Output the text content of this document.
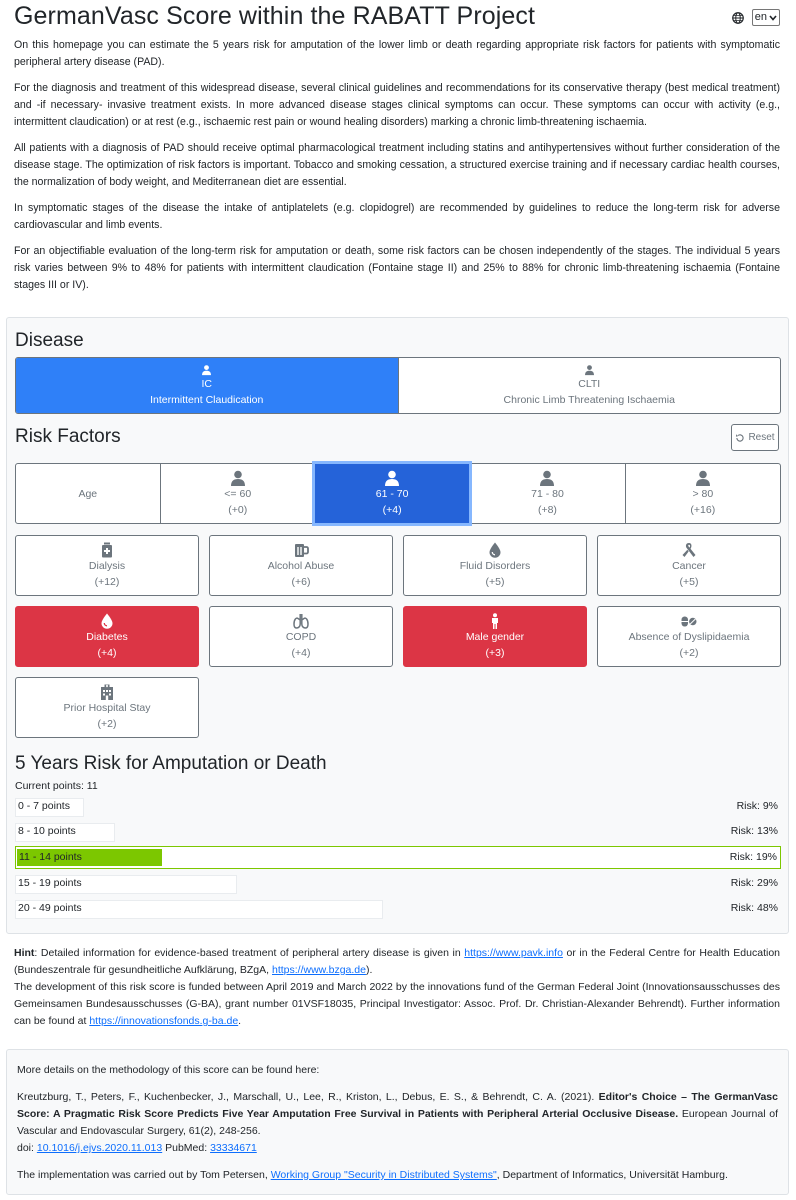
GermanVasc Score within the RABATT Project	en

On this homepage you can estimate the 5 years risk for amputation of the lower limb or death regarding appropriate risk factors for patients with symptomatic peripheral artery disease (PAD).

For the diagnosis and treatment of this widespread disease, several clinical guidelines and recommendations for its conservative therapy (best medical treatment) and -if necessary- invasive treatment exists. In more advanced disease stages clinical symptoms can occur. These symptoms can occur with activity (e.g., intermittent claudication) or at rest (e.g., ischaemic rest pain or wound healing disorders) marking a chronic limb-threatening ischaemia.

All patients with a diagnosis of PAD should receive optimal pharmacological treatment including statins and antihypertensives without further consideration of the disease stage. The optimization of risk factors is important. Tobacco and smoking cessation, a structured exercise training and if necessary cardiac health courses, the normalization of body weight, and Mediterranean diet are essential.

In symptomatic stages of the disease the intake of antiplatelets (e.g. clopidogrel) are recommended by guidelines to reduce the long-term risk for adverse cardiovascular and limb events.

For an objectifiable evaluation of the long-term risk for amputation or death, some risk factors can be chosen independently of the stages. The individual 5 years risk varies between 9% to 48% for patients with intermittent claudication (Fontaine stage II) and 25% to 88% for chronic limb-threatening ischaemia (Fontaine stages III or IV).

Disease
IC
Intermittent Claudication
CLTI
Chronic Limb Threatening Ischaemia
Risk Factors	Reset
Age	<= 60
(+0)
61 - 70
(+4)
71 - 80
(+8)
> 80
(+16)
Dialysis
(+12)
Alcohol Abuse
(+6)
Fluid Disorders
(+5)
Cancer
(+5)
Diabetes
(+4)
COPD
(+4)
Male gender
(+3)
Absence of Dyslipidaemia
(+2)
Prior Hospital Stay
(+2)
5 Years Risk for Amputation or Death
Current points: 11
0 - 7 points	Risk: 9%
8 - 10 points	Risk: 13%
11 - 14 points	Risk: 19%
15 - 19 points	Risk: 29%
20 - 49 points	Risk: 48%
Hint: Detailed information for evidence-based treatment of peripheral artery disease is given in https://www.pavk.info or in the Federal Centre for Health Education (Bundeszentrale für gesundheitliche Aufklärung, BZgA, https://www.bzga.de).
The development of this risk score is funded between April 2019 and March 2022 by the innovations fund of the German Federal Joint (Innovationsausschusses des Gemeinsamen Bundesausschusses (G-BA), grant number 01VSF18035, Principal Investigator: Assoc. Prof. Dr. Christian-Alexander Behrendt). Further information can be found at https://innovationsfonds.g-ba.de.

More details on the methodology of this score can be found here:

Kreutzburg, T., Peters, F., Kuchenbecker, J., Marschall, U., Lee, R., Kriston, L., Debus, E. S., & Behrendt, C. A. (2021). Editor's Choice – The GermanVasc Score: A Pragmatic Risk Score Predicts Five Year Amputation Free Survival in Patients with Peripheral Arterial Occlusive Disease. European Journal of Vascular and Endovascular Surgery, 61(2), 248-256.
doi: 10.1016/j.ejvs.2020.11.013 PubMed: 33334671

The implementation was carried out by Tom Petersen, Working Group "Security in Distributed Systems", Department of Informatics, Universität Hamburg.
